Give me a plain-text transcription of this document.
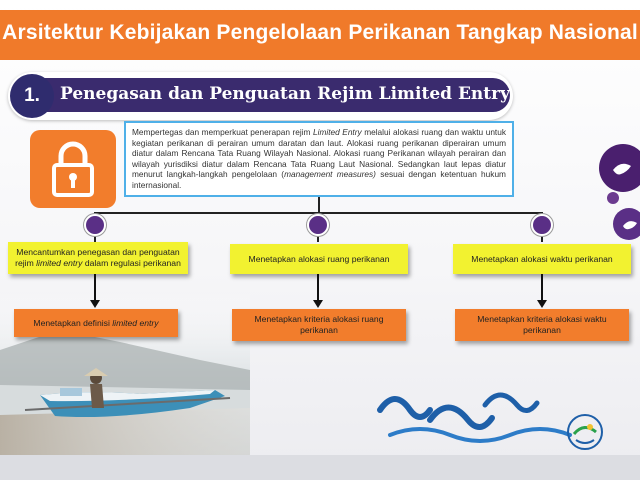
Arsitektur Kebijakan Pengelolaan Perikanan Tangkap Nasional
1.	Penegasan dan Penguatan Rejim Limited Entry
Mempertegas dan memperkuat penerapan rejim Limited Entry melalui alokasi ruang dan waktu untuk kegiatan perikanan di perairan umum daratan dan laut. Alokasi ruang perikanan diperairan umum diatur dalam Rencana Tata Ruang Wilayah Nasional. Alokasi ruang Perikanan wilayah perairan dan wilayah yurisdiksi diatur dalam Rencana Tata Ruang Laut Nasional. Sedangkan laut lepas diatur menurut langkah-langkah pengelolaan (management measures) sesuai dengan ketentuan hukum internasional.
Mencantumkan penegasan dan penguatan rejim limited entry dalam regulasi perikanan	Menetapkan alokasi ruang perikanan	Menetapkan alokasi waktu perikanan
Menetapkan definisi limited entry	Menetapkan kriteria alokasi ruang perikanan
Menetapkan kriteria alokasi waktu perikanan
